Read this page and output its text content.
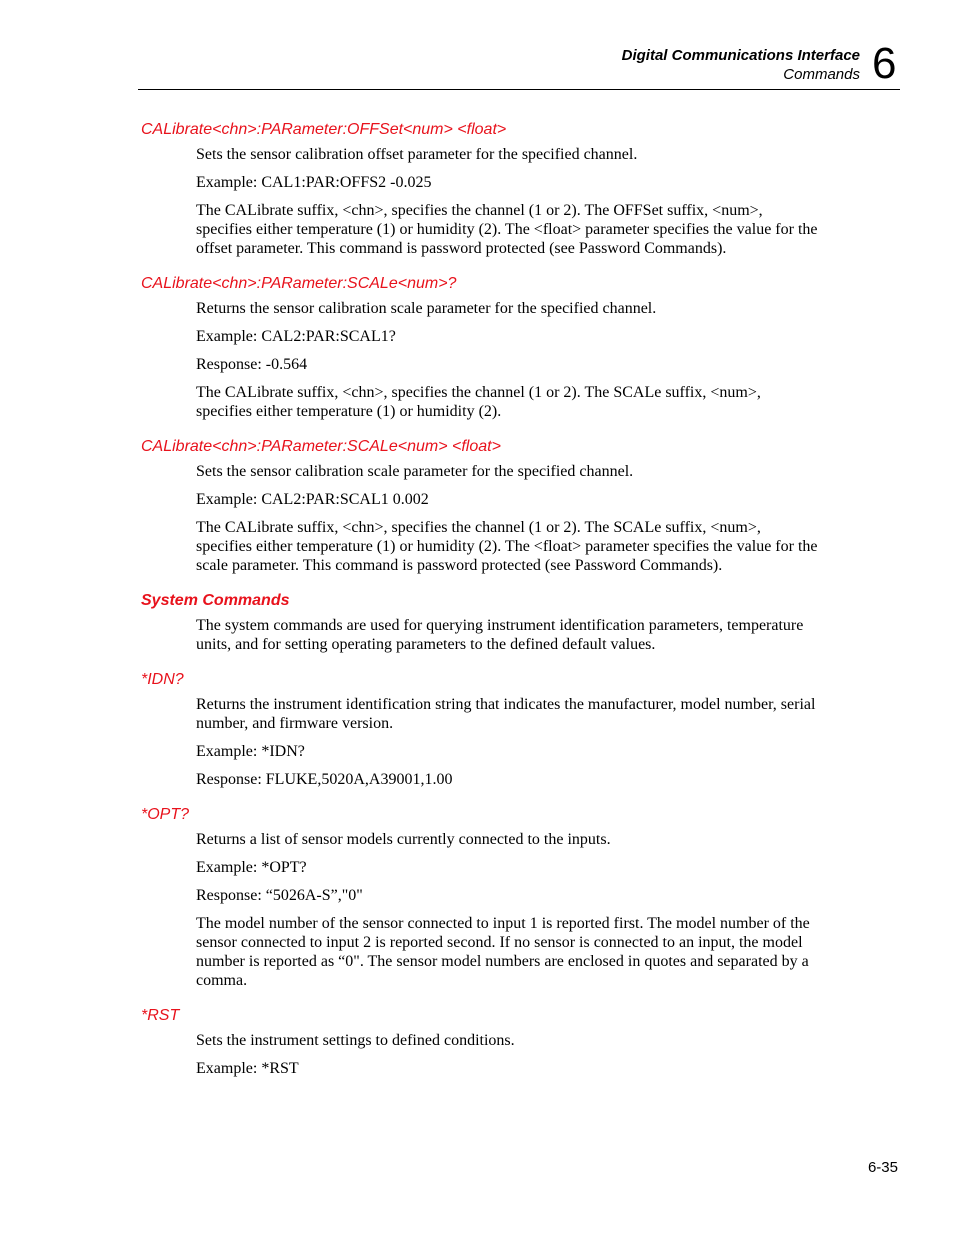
Digital Communications Interface
Commands 6
CALibrate<chn>:PARameter:OFFSet<num> <float>

Sets the sensor calibration offset parameter for the specified channel.

Example: CAL1:PAR:OFFS2 -0.025

The CALibrate suffix, <chn>, specifies the channel (1 or 2). The OFFSet suffix, <num>, specifies either temperature (1) or humidity (2). The <float> parameter specifies the value for the offset parameter. This command is password protected (see Password Commands).

CALibrate<chn>:PARameter:SCALe<num>?

Returns the sensor calibration scale parameter for the specified channel.

Example: CAL2:PAR:SCAL1?

Response: -0.564

The CALibrate suffix, <chn>, specifies the channel (1 or 2). The SCALe suffix, <num>, specifies either temperature (1) or humidity (2).

CALibrate<chn>:PARameter:SCALe<num> <float>

Sets the sensor calibration scale parameter for the specified channel.

Example: CAL2:PAR:SCAL1 0.002

The CALibrate suffix, <chn>, specifies the channel (1 or 2). The SCALe suffix, <num>, specifies either temperature (1) or humidity (2). The <float> parameter specifies the value for the scale parameter. This command is password protected (see Password Commands).

System Commands

The system commands are used for querying instrument identification parameters, temperature units, and for setting operating parameters to the defined default values.

*IDN?

Returns the instrument identification string that indicates the manufacturer, model number, serial number, and firmware version.

Example: *IDN?

Response: FLUKE,5020A,A39001,1.00

*OPT?

Returns a list of sensor models currently connected to the inputs.

Example: *OPT?

Response: “5026A-S”,"0"

The model number of the sensor connected to input 1 is reported first. The model number of the sensor connected to input 2 is reported second. If no sensor is connected to an input, the model number is reported as “0". The sensor model numbers are enclosed in quotes and separated by a comma.

*RST

Sets the instrument settings to defined conditions.

Example: *RST

6-35
